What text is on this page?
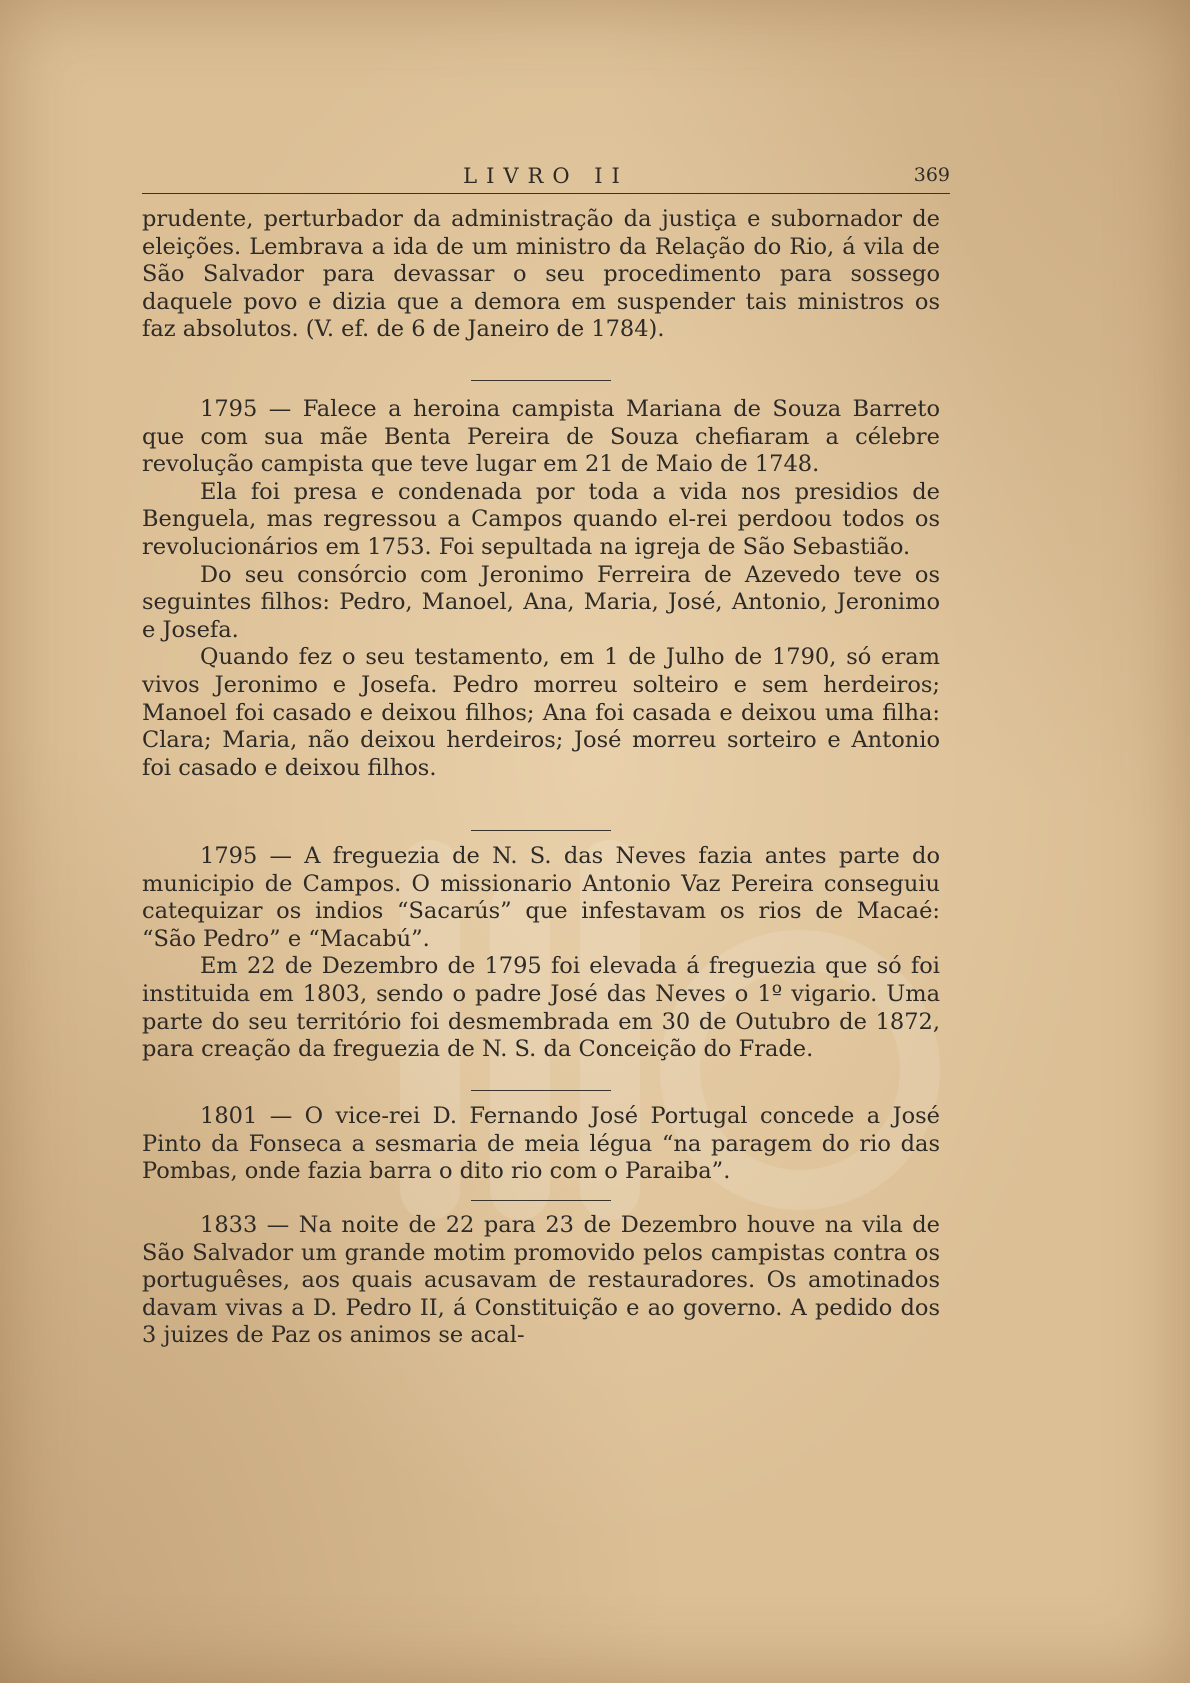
LIVRO II	369

prudente, perturbador da administração da justiça e subornador de eleições. Lembrava a ida de um ministro da Relação do Rio, á vila de São Salvador para devassar o seu procedimento para sossego daquele povo e dizia que a demora em suspender tais ministros os faz absolutos. (V. ef. de 6 de Janeiro de 1784).

1795 — Falece a heroina campista Mariana de Souza Barreto que com sua mãe Benta Pereira de Souza chefiaram a célebre revolução campista que teve lugar em 21 de Maio de 1748.

Ela foi presa e condenada por toda a vida nos presidios de Benguela, mas regressou a Campos quando el-rei perdoou todos os revolucionários em 1753. Foi sepultada na igreja de São Sebastião.

Do seu consórcio com Jeronimo Ferreira de Azevedo teve os seguintes filhos: Pedro, Manoel, Ana, Maria, José, Antonio, Jeronimo e Josefa.

Quando fez o seu testamento, em 1 de Julho de 1790, só eram vivos Jeronimo e Josefa. Pedro morreu solteiro e sem herdeiros; Manoel foi casado e deixou filhos; Ana foi casada e deixou uma filha: Clara; Maria, não deixou herdeiros; José morreu sorteiro e Antonio foi casado e deixou filhos.

1795 — A freguezia de N. S. das Neves fazia antes parte do municipio de Campos. O missionario Antonio Vaz Pereira conseguiu catequizar os indios “Sacarús” que infestavam os rios de Macaé: “São Pedro” e “Macabú”.

Em 22 de Dezembro de 1795 foi elevada á freguezia que só foi instituida em 1803, sendo o padre José das Neves o 1º vigario. Uma parte do seu território foi desmembrada em 30 de Outubro de 1872, para creação da freguezia de N. S. da Conceição do Frade.

1801 — O vice-rei D. Fernando José Portugal concede a José Pinto da Fonseca a sesmaria de meia légua “na paragem do rio das Pombas, onde fazia barra o dito rio com o Paraiba”.

1833 — Na noite de 22 para 23 de Dezembro houve na vila de São Salvador um grande motim promovido pelos campistas contra os portuguêses, aos quais acusavam de restauradores. Os amotinados davam vivas a D. Pedro II, á Constituição e ao governo. A pedido dos 3 juizes de Paz os animos se acal-
